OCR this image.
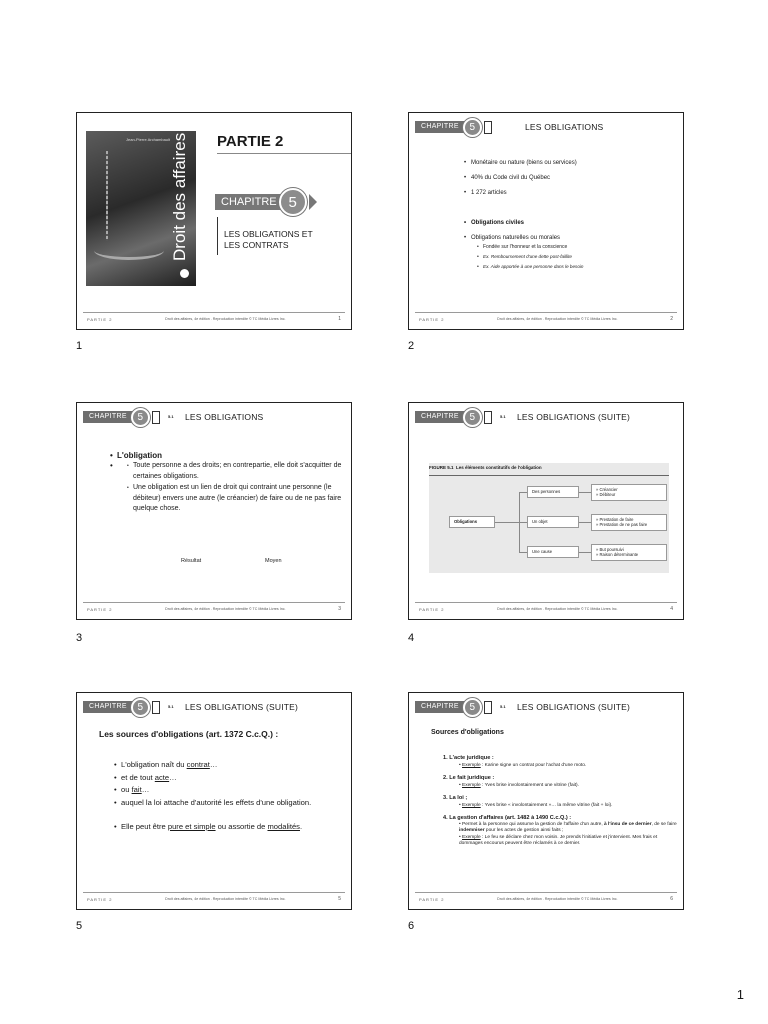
Jean-Pierre Archambault Droit des affaires PARTIE 2
CHAPITRE 5
LES OBLIGATIONS ET
LES CONTRATS
PARTIE 2	Droit des affaires, 4e édition . Reproduction interdite © TC Média Livres Inc.	1
1
CHAPITRE	5	LES OBLIGATIONS
• Monétaire ou nature (biens ou services)
• 40% du Code civil du Québec
• 1 272 articles
• Obligations civiles
• Obligations naturelles ou morales
• Fondée sur l'honneur et la conscience
• Ex. Remboursement d'une dette post-faillite
• Ex. Aide apportée à une personne dans le besoin
PARTIE 2	Droit des affaires, 4e édition . Reproduction interdite © TC Média Livres Inc.	2
2
CHAPITRE	5	5.1 LES OBLIGATIONS
• L'obligation
• • Toute personne a des droits; en contrepartie, elle doit s'acquitter de certaines obligations.
• Une obligation est un lien de droit qui contraint une personne (le débiteur) envers une autre (le créancier) de faire ou de ne pas faire quelque chose.
Résultat	Moyen
PARTIE 2	Droit des affaires, 4e édition . Reproduction interdite © TC Média Livres Inc.	3
3
CHAPITRE	5	5.1 LES OBLIGATIONS (SUITE)
FIGURE 5.1 Les éléments constitutifs de l'obligation
Obligations
Des personnes
Un objet
Une cause
» Créancier
» Débiteur
» Prestation de faire
» Prestation de ne pas faire
» But poursuivi
» Raison déterminante
PARTIE 2	Droit des affaires, 4e édition . Reproduction interdite © TC Média Livres Inc.	4
4
CHAPITRE	5	5.1 LES OBLIGATIONS (SUITE)
Les sources d'obligations (art. 1372 C.c.Q.) :
• L'obligation naît du contrat…
• et de tout acte…
• ou fait…
• auquel la loi attache d'autorité les effets d'une obligation.
• Elle peut être pure et simple ou assortie de modalités.
PARTIE 2	Droit des affaires, 4e édition . Reproduction interdite © TC Média Livres Inc.	5
5
CHAPITRE	5	5.1 LES OBLIGATIONS (SUITE)
Sources d'obligations
1. L'acte juridique :
• Exemple : Karine signe un contrat pour l'achat d'une moto.
2. Le fait juridique :
• Exemple : Yves brise involontairement une vitrine (fait).
3. La loi ;
• Exemple : Yves brise « involontairement »… la même vitrine (fait + loi).
4. La gestion d'affaires (art. 1482 à 1490 C.c.Q.) :
• Permet à la personne qui assume la gestion de l'affaire d'un autre, à l'insu de ce dernier, de se faire indemniser pour les actes de gestion ainsi faits ;
• Exemple : Le feu se déclare chez mon voisin. Je prends l'initiative et j'intervient. Mes frais et dommages encourus peuvent être réclamés à ce dernier.
PARTIE 2	Droit des affaires, 4e édition . Reproduction interdite © TC Média Livres Inc.	6
6
1
